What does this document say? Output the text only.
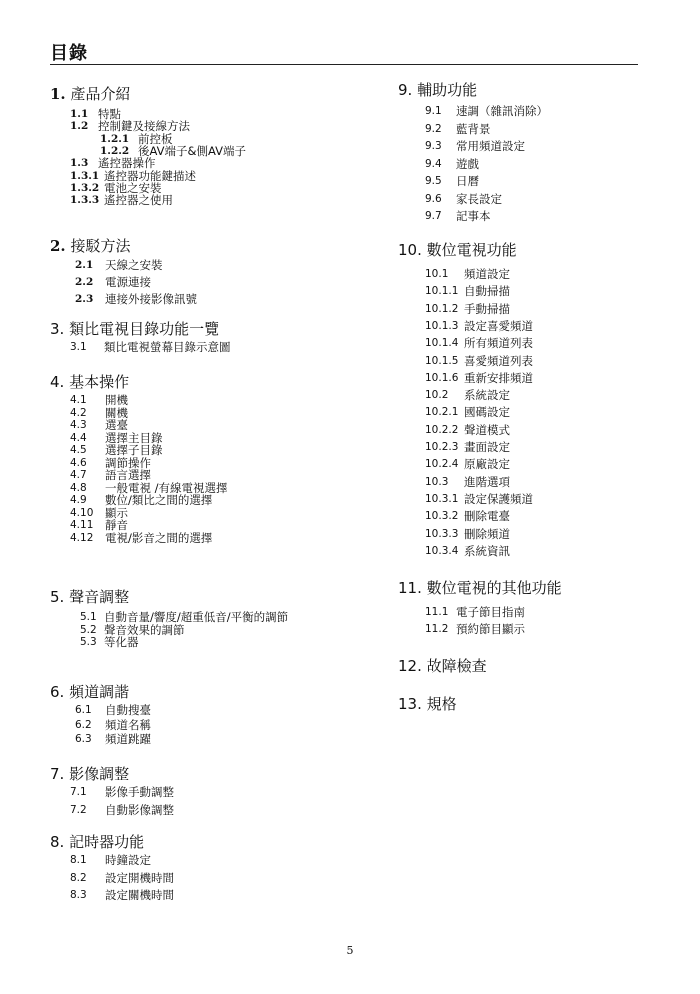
目錄
1. 產品介紹
1.1 特點
1.2 控制鍵及接線方法
1.2.1 前控板
1.2.2 後AV端子&側AV端子
1.3 遙控器操作
1.3.1 遙控器功能鍵描述
1.3.2 電池之安裝
1.3.3 遙控器之使用
2. 接駁方法
2.1 天線之安裝
2.2 電源連接
2.3 連接外接影像訊號
3. 類比電視目錄功能一覽
3.1 類比電視螢幕目錄示意圖
4. 基本操作
4.1 開機
4.2 關機
4.3 選臺
4.4 選擇主目錄
4.5 選擇子目錄
4.6 調節操作
4.7 語言選擇
4.8 一般電視 /有線電視選擇
4.9 數位/類比之間的選擇
4.10 顯示
4.11 靜音
4.12 電視/影音之間的選擇
5. 聲音調整
5.1 自動音量/響度/超重低音/平衡的調節
5.2 聲音效果的調節
5.3 等化器
6. 頻道調諧
6.1 自動搜臺
6.2 頻道名稱
6.3 頻道跳躍
7. 影像調整
7.1 影像手動調整
7.2 自動影像調整
8. 記時器功能
8.1 時鐘設定
8.2 設定開機時間
8.3 設定關機時間
9. 輔助功能
9.1 速調（雜訊消除）
9.2 藍背景
9.3 常用頻道設定
9.4 遊戲
9.5 日曆
9.6 家長設定
9.7 記事本
10. 數位電視功能
10.1 頻道設定
10.1.1 自動掃描
10.1.2 手動掃描
10.1.3 設定喜愛頻道
10.1.4 所有頻道列表
10.1.5 喜愛頻道列表
10.1.6 重新安排頻道
10.2 系統設定
10.2.1 國碼設定
10.2.2 聲道模式
10.2.3 畫面設定
10.2.4 原廠設定
10.3 進階選項
10.3.1 設定保護頻道
10.3.2 刪除電臺
10.3.3 刪除頻道
10.3.4 系統資訊
11. 數位電視的其他功能
11.1 電子節目指南
11.2 預約節目顯示
12. 故障檢查
13. 規格
5
